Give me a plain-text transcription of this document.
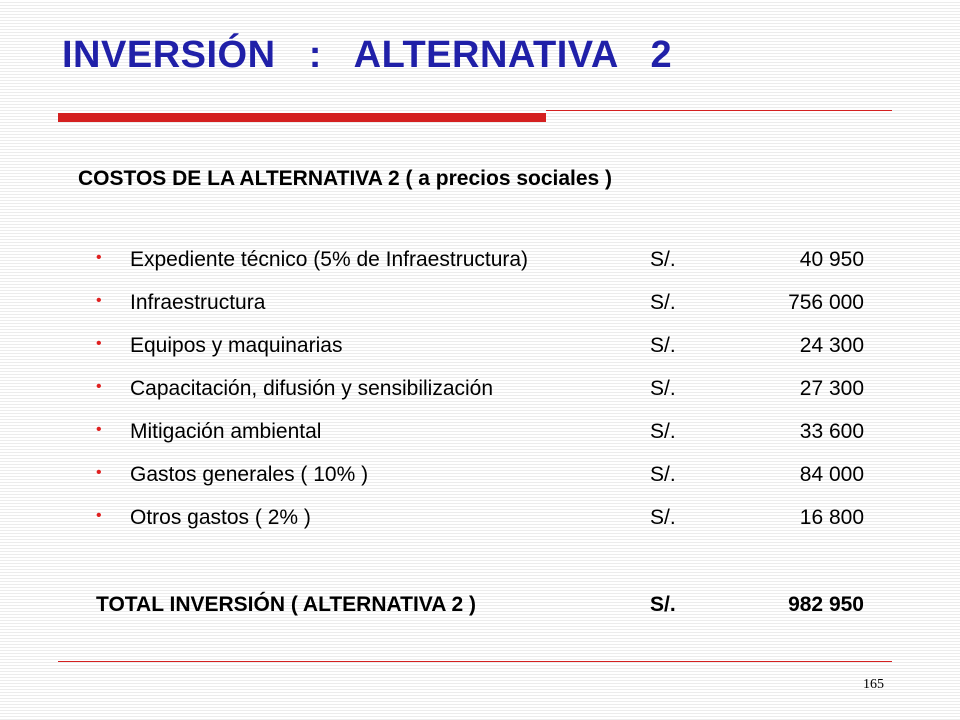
INVERSIÓN   :   ALTERNATIVA   2
COSTOS DE LA ALTERNATIVA 2 ( a precios sociales )
• Expediente técnico (5% de Infraestructura)	S/.	40 950
• Infraestructura	S/.	756 000
• Equipos y maquinarias	S/.	24 300
• Capacitación, difusión y sensibilización	S/.	27 300
• Mitigación ambiental	S/.	33 600
• Gastos generales ( 10% )	S/.	84 000
• Otros gastos ( 2% )	S/.	16 800
TOTAL INVERSIÓN ( ALTERNATIVA 2 )	S/.	982 950
165
